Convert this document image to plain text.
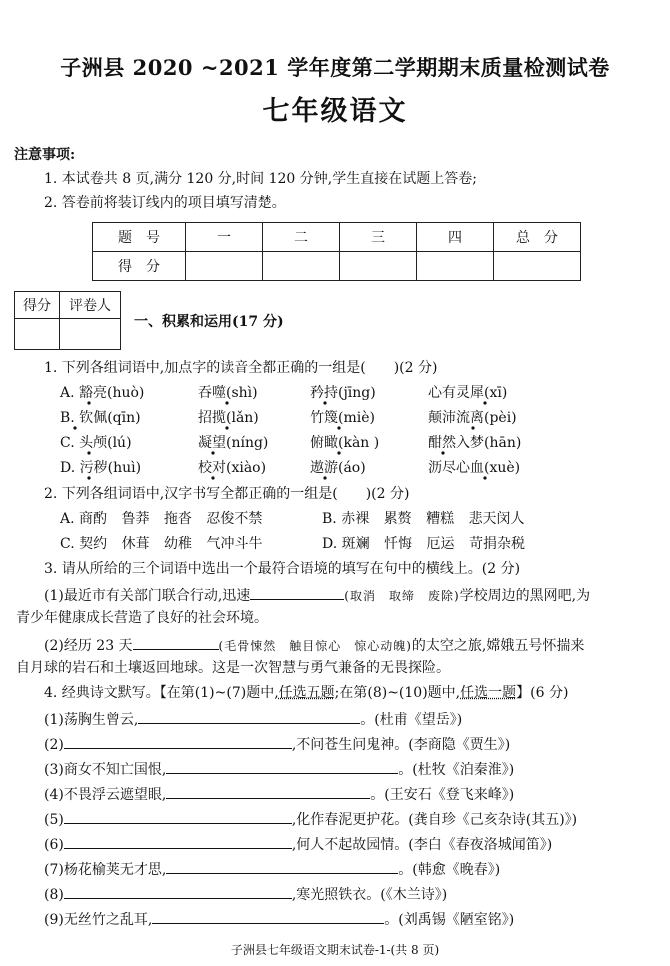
子洲县 2020 ~2021 学年度第二学期期末质量检测试卷
七年级语文
注意事项:
1. 本试卷共 8 页,满分 120 分,时间 120 分钟,学生直接在试题上答卷;
2. 答卷前将装订线内的项目填写清楚。
题　号	一	二	三	四	总　分
得　分					
得分	评卷人

一、积累和运用(17 分)
1. 下列各组词语中,加点字的读音全都正确的一组是(　　)(2 分)
A. 豁亮(huò)	吞噬(shì)	矜持(jīng)	心有灵犀(xī)
B. 钦佩(qīn)	招揽(lǎn)	竹篾(miè)	颠沛流离(pèi)
C. 头颅(lú)	凝望(níng)	俯瞰(kàn )	酣然入梦(hān)
D. 污秽(huì)	校对(xiào)	遨游(áo)	沥尽心血(xuè)
2. 下列各组词语中,汉字书写全都正确的一组是(　　)(2 分)
A. 商酌 鲁莽 拖沓 忍俊不禁	B. 赤裸 累赘 糟糕 悲天闵人
C. 契约 休葺 幼稚 气冲斗牛	D. 斑斓 忏悔 厄运 苛捐杂税
3. 请从所给的三个词语中选出一个最符合语境的填写在句中的横线上。(2 分)
(1)最近市有关部门联合行动,迅速	(取消　取缔　废除)学校周边的黑网吧,为
青少年健康成长营造了良好的社会环境。
(2)经历 23 天	(毛骨悚然　触目惊心　惊心动魄)的太空之旅,嫦娥五号怀揣来
自月球的岩石和土壤返回地球。这是一次智慧与勇气兼备的无畏探险。
4. 经典诗文默写。【在第(1)~(7)题中,任选五题;在第(8)~(10)题中,任选一题】(6 分)
(1)荡胸生曾云,	。(杜甫《望岳》)
(2)	,不问苍生问鬼神。(李商隐《贾生》)
(3)商女不知亡国恨,	。(杜牧《泊秦淮》)
(4)不畏浮云遮望眼,	。(王安石《登飞来峰》)
(5)	,化作春泥更护花。(龚自珍《己亥杂诗(其五)》)
(6)	,何人不起故园情。(李白《春夜洛城闻笛》)
(7)杨花榆荚无才思,	。(韩愈《晚春》)
(8)	,寒光照铁衣。(《木兰诗》)
(9)无丝竹之乱耳,	。(刘禹锡《陋室铭》)
子洲县七年级语文期末试卷-1-(共 8 页)
